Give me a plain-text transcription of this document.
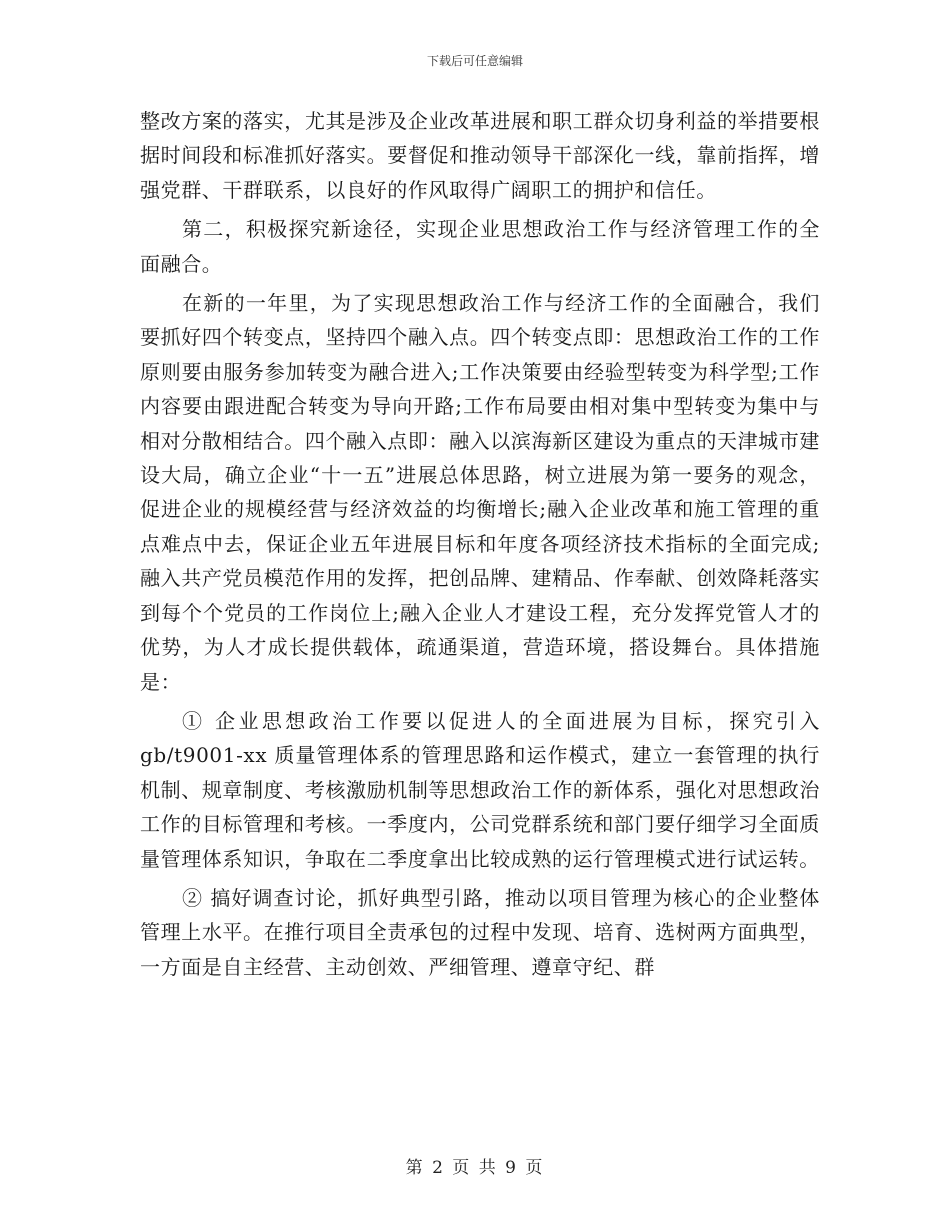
下载后可任意编辑

整改方案的落实，尤其是涉及企业改革进展和职工群众切身利益的举措要根据时间段和标准抓好落实。要督促和推动领导干部深化一线，靠前指挥，增强党群、干群联系，以良好的作风取得广阔职工的拥护和信任。

第二，积极探究新途径，实现企业思想政治工作与经济管理工作的全面融合。

在新的一年里，为了实现思想政治工作与经济工作的全面融合，我们要抓好四个转变点，坚持四个融入点。四个转变点即：思想政治工作的工作原则要由服务参加转变为融合进入;工作决策要由经验型转变为科学型;工作内容要由跟进配合转变为导向开路;工作布局要由相对集中型转变为集中与相对分散相结合。四个融入点即：融入以滨海新区建设为重点的天津城市建设大局，确立企业“十一五”进展总体思路，树立进展为第一要务的观念，促进企业的规模经营与经济效益的均衡增长;融入企业改革和施工管理的重点难点中去，保证企业五年进展目标和年度各项经济技术指标的全面完成;融入共产党员模范作用的发挥，把创品牌、建精品、作奉献、创效降耗落实到每个个党员的工作岗位上;融入企业人才建设工程，充分发挥党管人才的优势，为人才成长提供载体，疏通渠道，营造环境，搭设舞台。具体措施是：

① 企业思想政治工作要以促进人的全面进展为目标，探究引入 gb/t9001-xx 质量管理体系的管理思路和运作模式，建立一套管理的执行机制、规章制度、考核激励机制等思想政治工作的新体系，强化对思想政治工作的目标管理和考核。一季度内，公司党群系统和部门要仔细学习全面质量管理体系知识，争取在二季度拿出比较成熟的运行管理模式进行试运转。

② 搞好调查讨论，抓好典型引路，推动以项目管理为核心的企业整体管理上水平。在推行项目全责承包的过程中发现、培育、选树两方面典型，一方面是自主经营、主动创效、严细管理、遵章守纪、群

第 2 页 共 9 页
